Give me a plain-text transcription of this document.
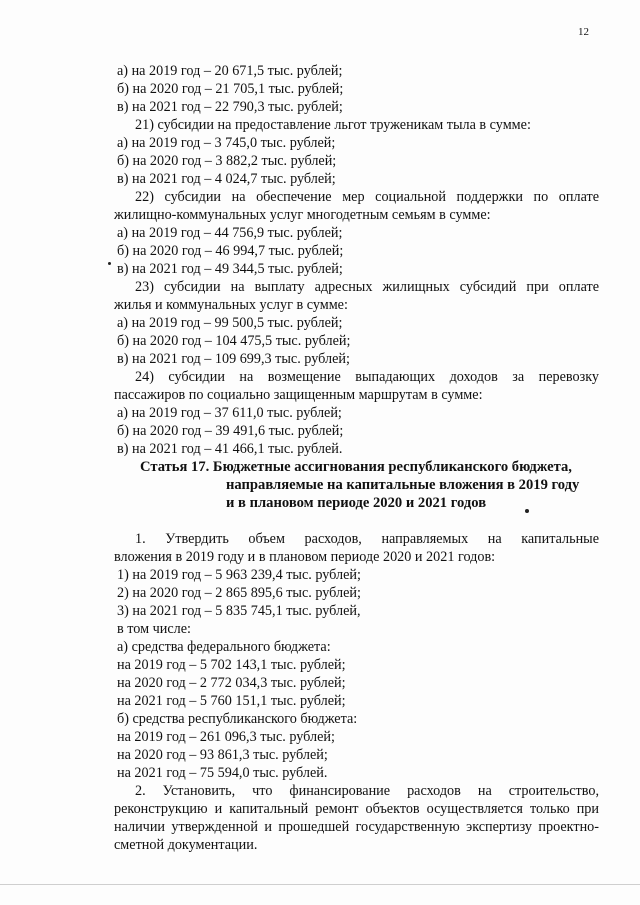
12
а) на 2019 год – 20 671,5 тыс. рублей;
б) на 2020 год – 21 705,1 тыс. рублей;
в) на 2021 год – 22 790,3 тыс. рублей;
21) субсидии на предоставление льгот труженикам тыла в сумме:
а) на 2019 год – 3 745,0 тыс. рублей;
б) на 2020 год – 3 882,2 тыс. рублей;
в) на 2021 год – 4 024,7 тыс. рублей;
22) субсидии на обеспечение мер социальной поддержки по оплате
жилищно-коммунальных услуг многодетным семьям в сумме:
а) на 2019 год – 44 756,9 тыс. рублей;
б) на 2020 год – 46 994,7 тыс. рублей;
в) на 2021 год – 49 344,5 тыс. рублей;
23) субсидии на выплату адресных жилищных субсидий при оплате
жилья и коммунальных услуг в сумме:
а) на 2019 год – 99 500,5 тыс. рублей;
б) на 2020 год – 104 475,5 тыс. рублей;
в) на 2021 год – 109 699,3 тыс. рублей;
24) субсидии на возмещение выпадающих доходов за перевозку
пассажиров по социально защищенным маршрутам в сумме:
а) на 2019 год – 37 611,0 тыс. рублей;
б) на 2020 год – 39 491,6 тыс. рублей;
в) на 2021 год – 41 466,1 тыс. рублей.
Статья 17. Бюджетные ассигнования республиканского бюджета,
направляемые на капитальные вложения в 2019 году
и в плановом периоде 2020 и 2021 годов
1. Утвердить объем расходов, направляемых на капитальные
вложения в 2019 году и в плановом периоде 2020 и 2021 годов:
1) на 2019 год – 5 963 239,4 тыс. рублей;
2) на 2020 год – 2 865 895,6 тыс. рублей;
3) на 2021 год – 5 835 745,1 тыс. рублей,
в том числе:
а) средства федерального бюджета:
на 2019 год – 5 702 143,1 тыс. рублей;
на 2020 год – 2 772 034,3 тыс. рублей;
на 2021 год – 5 760 151,1 тыс. рублей;
б) средства республиканского бюджета:
на 2019 год – 261 096,3 тыс. рублей;
на 2020 год – 93 861,3 тыс. рублей;
на 2021 год – 75 594,0 тыс. рублей.
2. Установить, что финансирование расходов на строительство,
реконструкцию и капитальный ремонт объектов осуществляется только при
наличии утвержденной и прошедшей государственную экспертизу проектно-
сметной документации.
